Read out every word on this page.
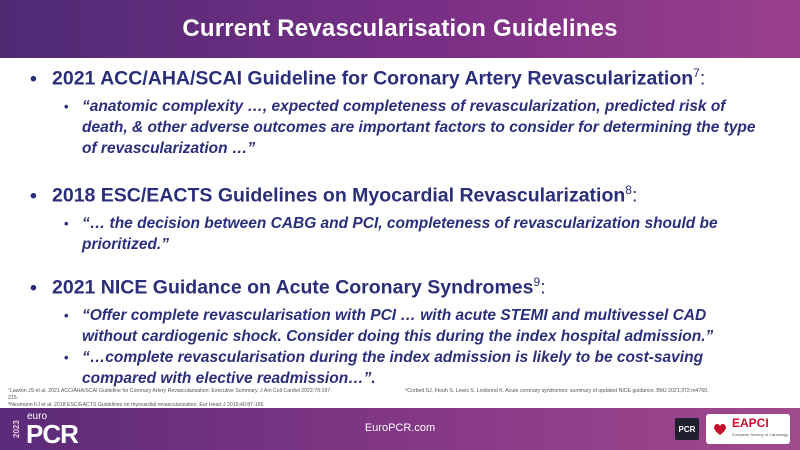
Current Revascularisation Guidelines
• 2021 ACC/AHA/SCAI Guideline for Coronary Artery Revascularization$^7$:
• “anatomic complexity …, expected completeness of revascularization, predicted risk of death, & other adverse outcomes are important factors to consider for determining the type of revascularization …”
• 2018 ESC/EACTS Guidelines on Myocardial Revascularization$^8$:
• “… the decision between CABG and PCI, completeness of revascularization should be prioritized.”
• 2021 NICE Guidance on Acute Coronary Syndromes$^9$:
• “Offer complete revascularisation with PCI … with acute STEMI and multivessel CAD without cardiogenic shock. Consider doing this during the index hospital admission.”
• “…complete revascularisation during the index admission is likely to be cost-saving compared with elective readmission…”.
⁷Lawton JS et al. 2021 ACC/AHA/SCAI Guideline for Coronary Artery Revascularization: Executive Summary. J Am Coll Cardiol 2022;79:197-215.
⁸Neumann FJ et al. 2018 ESC/EACTS Guidelines on myocardial revascularization. Eur Heart J 2019;40:87-165.
⁹Corbett SJ, Ftouh S, Lewis S, Lovibond K. Acute coronary syndromes: summary of updated NICE guidance. BMJ 2021;372:m4760.
2023
euro
PCR	EuroPCR.com	PCR	EAPCI
European Society of Cardiology
